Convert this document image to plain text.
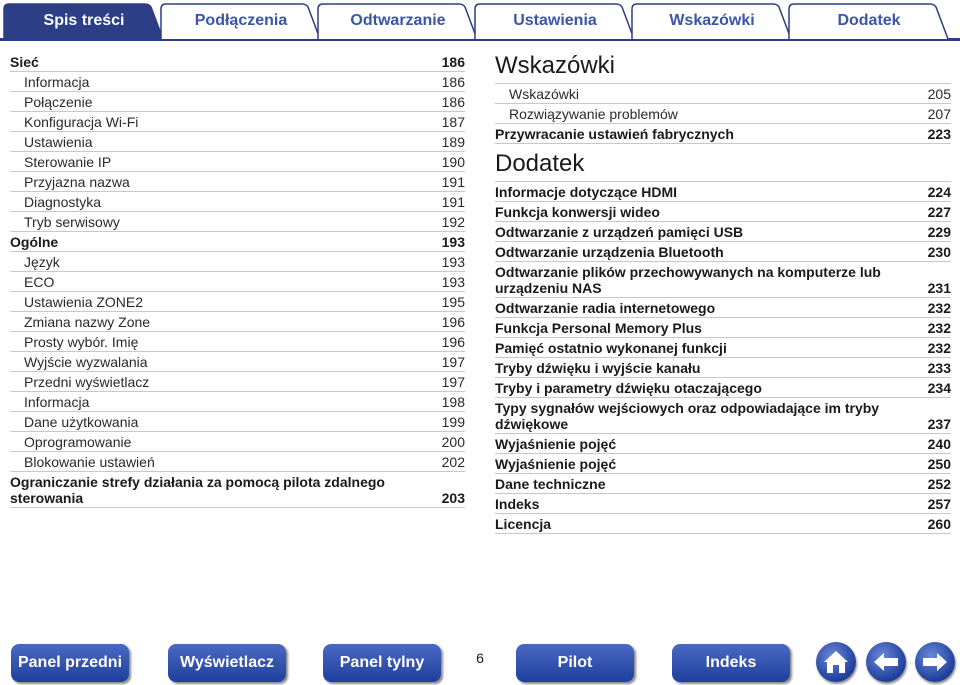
Spis treści	Podłączenia	Odtwarzanie	Ustawienia	Wskazówki	Dodatek
Sieć	186
Informacja	186
Połączenie	186
Konfiguracja Wi-Fi	187
Ustawienia	189
Sterowanie IP	190
Przyjazna nazwa	191
Diagnostyka	191
Tryb serwisowy	192
Ogólne	193
Język	193
ECO	193
Ustawienia ZONE2	195
Zmiana nazwy Zone	196
Prosty wybór. Imię	196
Wyjście wyzwalania	197
Przedni wyświetlacz	197
Informacja	198
Dane użytkowania	199
Oprogramowanie	200
Blokowanie ustawień	202
Ograniczanie strefy działania za pomocą pilota zdalnego sterowania	203
Wskazówki
Wskazówki	205
Rozwiązywanie problemów	207
Przywracanie ustawień fabrycznych	223
Dodatek
Informacje dotyczące HDMI	224
Funkcja konwersji wideo	227
Odtwarzanie z urządzeń pamięci USB	229
Odtwarzanie urządzenia Bluetooth	230
Odtwarzanie plików przechowywanych na komputerze lub urządzeniu NAS	231
Odtwarzanie radia internetowego	232
Funkcja Personal Memory Plus	232
Pamięć ostatnio wykonanej funkcji	232
Tryby dźwięku i wyjście kanału	233
Tryby i parametry dźwięku otaczającego	234
Typy sygnałów wejściowych oraz odpowiadające im tryby dźwiękowe	237
Wyjaśnienie pojęć	240
Wyjaśnienie pojęć	250
Dane techniczne	252
Indeks	257
Licencja	260
Panel przedni	Wyświetlacz	Panel tylny	6	Pilot	Indeks
